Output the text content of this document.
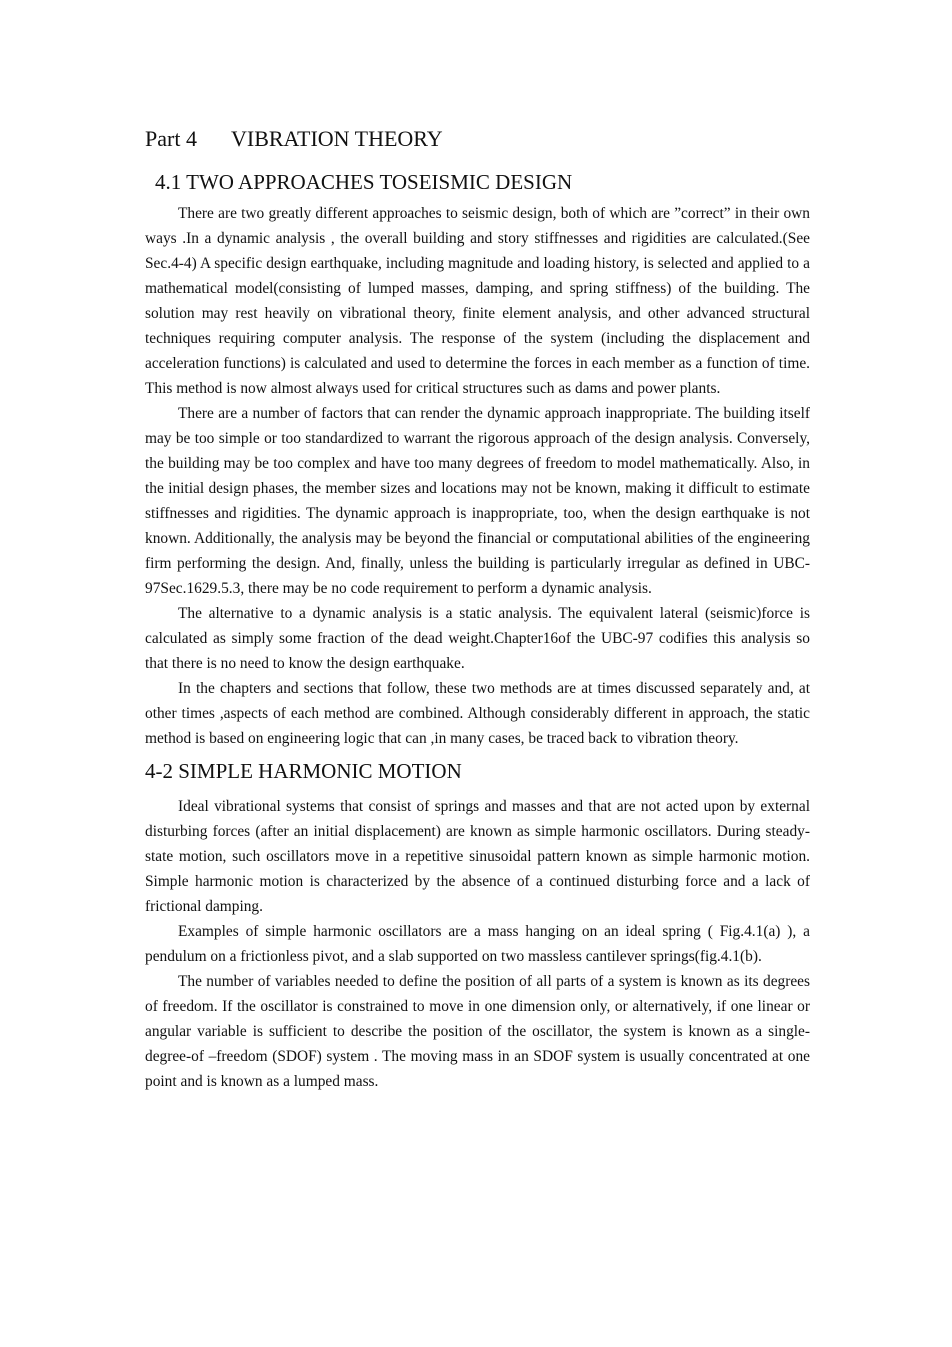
Part 4 VIBRATION THEORY
4.1 TWO APPROACHES TOSEISMIC DESIGN

There are two greatly different approaches to seismic design, both of which are ”correct” in their own ways .In a dynamic analysis , the overall building and story stiffnesses and rigidities are calculated.(See Sec.4-4) A specific design earthquake, including magnitude and loading history, is selected and applied to a mathematical model(consisting of lumped masses, damping, and spring stiffness) of the building. The solution may rest heavily on vibrational theory, finite element analysis, and other advanced structural techniques requiring computer analysis. The response of the system (including the displacement and acceleration functions) is calculated and used to determine the forces in each member as a function of time. This method is now almost always used for critical structures such as dams and power plants.

There are a number of factors that can render the dynamic approach inappropriate. The building itself may be too simple or too standardized to warrant the rigorous approach of the design analysis. Conversely, the building may be too complex and have too many degrees of freedom to model mathematically. Also, in the initial design phases, the member sizes and locations may not be known, making it difficult to estimate stiffnesses and rigidities. The dynamic approach is inappropriate, too, when the design earthquake is not known. Additionally, the analysis may be beyond the financial or computational abilities of the engineering firm performing the design. And, finally, unless the building is particularly irregular as defined in UBC-97Sec.1629.5.3, there may be no code requirement to perform a dynamic analysis.

The alternative to a dynamic analysis is a static analysis. The equivalent lateral (seismic)force is calculated as simply some fraction of the dead weight.Chapter16of the UBC-97 codifies this analysis so that there is no need to know the design earthquake.

In the chapters and sections that follow, these two methods are at times discussed separately and, at other times ,aspects of each method are combined. Although considerably different in approach, the static method is based on engineering logic that can ,in many cases, be traced back to vibration theory.

4-2 SIMPLE HARMONIC MOTION

Ideal vibrational systems that consist of springs and masses and that are not acted upon by external disturbing forces (after an initial displacement) are known as simple harmonic oscillators. During steady-state motion, such oscillators move in a repetitive sinusoidal pattern known as simple harmonic motion. Simple harmonic motion is characterized by the absence of a continued disturbing force and a lack of frictional damping.

Examples of simple harmonic oscillators are a mass hanging on an ideal spring ( Fig.4.1(a) ), a pendulum on a frictionless pivot, and a slab supported on two massless cantilever springs(fig.4.1(b).

The number of variables needed to define the position of all parts of a system is known as its degrees of freedom. If the oscillator is constrained to move in one dimension only, or alternatively, if one linear or angular variable is sufficient to describe the position of the oscillator, the system is known as a single-degree-of –freedom (SDOF) system . The moving mass in an SDOF system is usually concentrated at one point and is known as a lumped mass.
